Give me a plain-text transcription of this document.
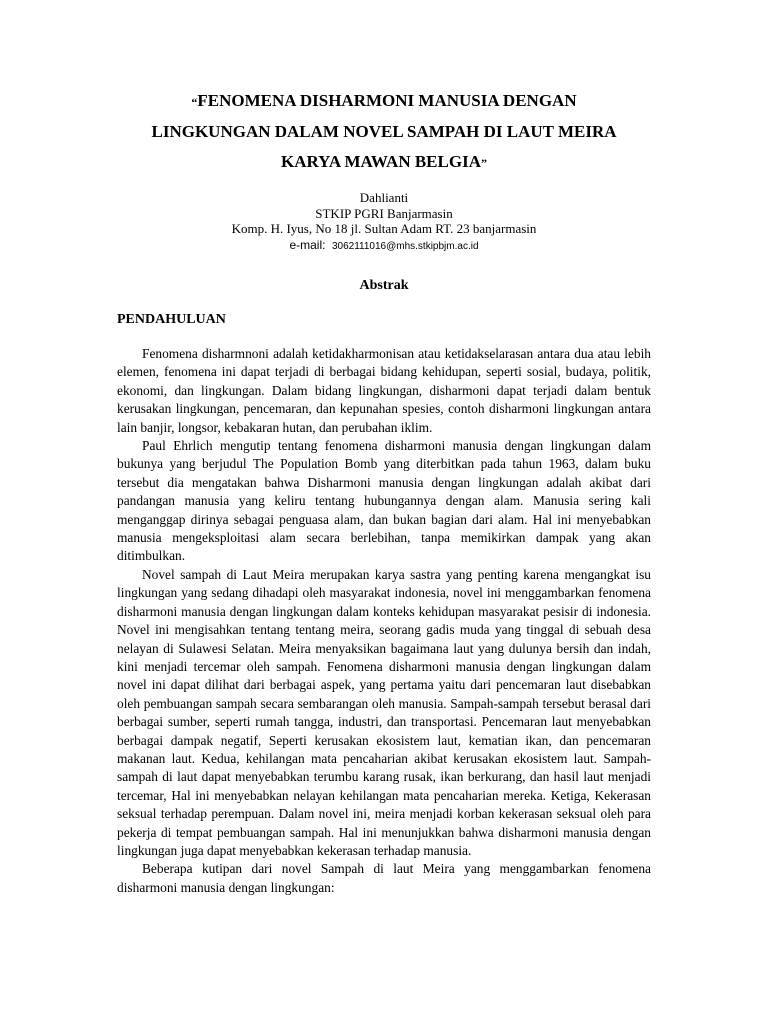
“FENOMENA DISHARMONI MANUSIA DENGAN
LINGKUNGAN DALAM NOVEL SAMPAH DI LAUT MEIRA
KARYA MAWAN BELGIA”
Dahlianti
STKIP PGRI Banjarmasin
Komp. H. Iyus, No 18 jl. Sultan Adam RT. 23 banjarmasin
e-mail: 3062111016@mhs.stkipbjm.ac.id
Abstrak
PENDAHULUAN

Fenomena disharmnoni adalah ketidakharmonisan atau ketidakselarasan antara dua atau lebih elemen, fenomena ini dapat terjadi di berbagai bidang kehidupan, seperti sosial, budaya, politik, ekonomi, dan lingkungan. Dalam bidang lingkungan, disharmoni dapat terjadi dalam bentuk kerusakan lingkungan, pencemaran, dan kepunahan spesies, contoh disharmoni lingkungan antara lain banjir, longsor, kebakaran hutan, dan perubahan iklim.

Paul Ehrlich mengutip tentang fenomena disharmoni manusia dengan lingkungan dalam bukunya yang berjudul The Population Bomb yang diterbitkan pada tahun 1963, dalam buku tersebut dia mengatakan bahwa Disharmoni manusia dengan lingkungan adalah akibat dari pandangan manusia yang keliru tentang hubungannya dengan alam. Manusia sering kali menganggap dirinya sebagai penguasa alam, dan bukan bagian dari alam. Hal ini menyebabkan manusia mengeksploitasi alam secara berlebihan, tanpa memikirkan dampak yang akan ditimbulkan.

Novel sampah di Laut Meira merupakan karya sastra yang penting karena mengangkat isu lingkungan yang sedang dihadapi oleh masyarakat indonesia, novel ini menggambarkan fenomena disharmoni manusia dengan lingkungan dalam konteks kehidupan masyarakat pesisir di indonesia. Novel ini mengisahkan tentang tentang meira, seorang gadis muda yang tinggal di sebuah desa nelayan di Sulawesi Selatan. Meira menyaksikan bagaimana laut yang dulunya bersih dan indah, kini menjadi tercemar oleh sampah. Fenomena disharmoni manusia dengan lingkungan dalam novel ini dapat dilihat dari berbagai aspek, yang pertama yaitu dari pencemaran laut disebabkan oleh pembuangan sampah secara sembarangan oleh manusia. Sampah-sampah tersebut berasal dari berbagai sumber, seperti rumah tangga, industri, dan transportasi. Pencemaran laut menyebabkan berbagai dampak negatif, Seperti kerusakan ekosistem laut, kematian ikan, dan pencemaran makanan laut. Kedua, kehilangan mata pencaharian akibat kerusakan ekosistem laut. Sampah-sampah di laut dapat menyebabkan terumbu karang rusak, ikan berkurang, dan hasil laut menjadi tercemar, Hal ini menyebabkan nelayan kehilangan mata pencaharian mereka. Ketiga, Kekerasan seksual terhadap perempuan. Dalam novel ini, meira menjadi korban kekerasan seksual oleh para pekerja di tempat pembuangan sampah. Hal ini menunjukkan bahwa disharmoni manusia dengan lingkungan juga dapat menyebabkan kekerasan terhadap manusia.

Beberapa kutipan dari novel Sampah di laut Meira yang menggambarkan fenomena disharmoni manusia dengan lingkungan:
